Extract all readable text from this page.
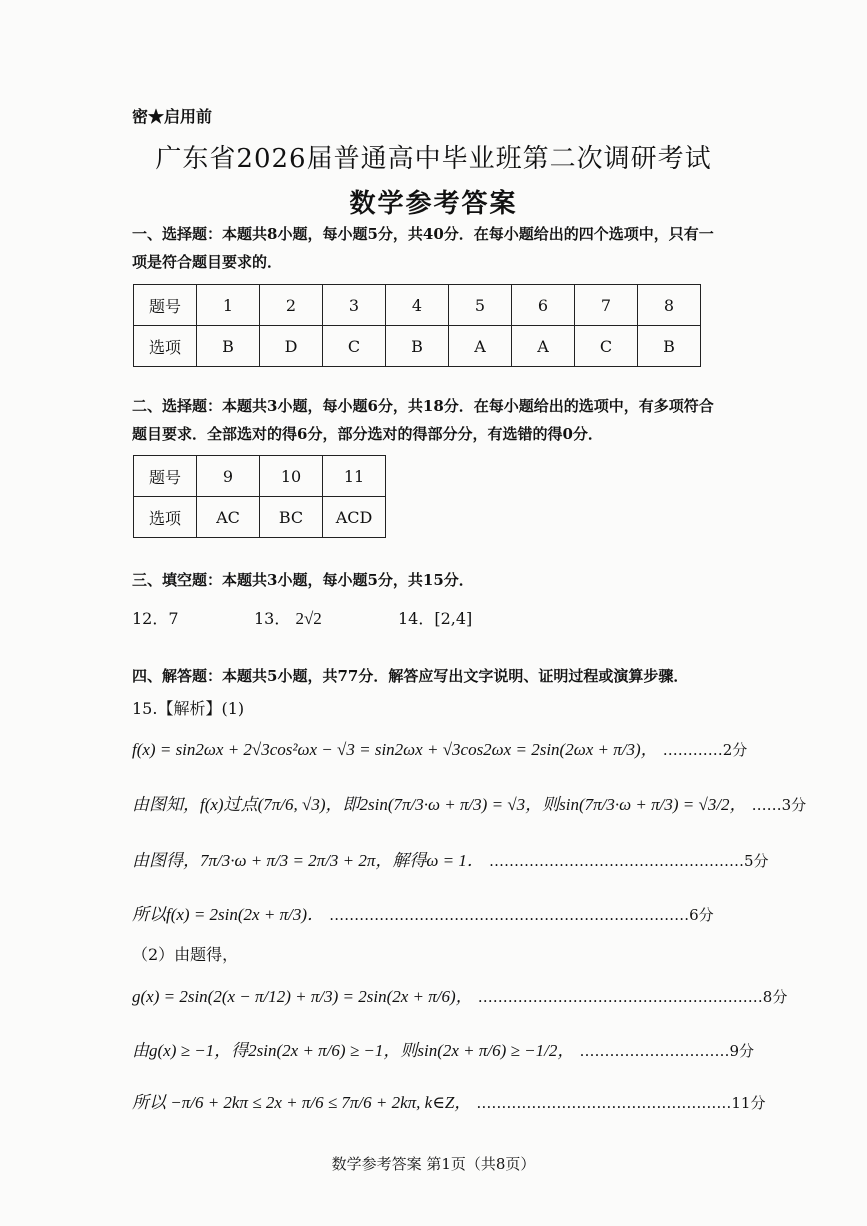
密★启用前
广东省2026届普通高中毕业班第二次调研考试
数学参考答案
一、选择题：本题共8小题，每小题5分，共40分．在每小题给出的四个选项中，只有一
项是符合题目要求的．
题号	1	2	3	4	5	6	7	8
选项	B	D	C	B	A	A	C	B
二、选择题：本题共3小题，每小题6分，共18分．在每小题给出的选项中，有多项符合
题目要求．全部选对的得6分，部分选对的得部分分，有选错的得0分．
题号	9	10	11
选项	AC	BC	ACD
三、填空题：本题共3小题，每小题5分，共15分．
12．7	13． 2√2	14．[2,4]
四、解答题：本题共5小题，共77分．解答应写出文字说明、证明过程或演算步骤．
15.【解析】(1)
f(x) = sin2ωx + 2√3cos²ωx − √3 = sin2ωx + √3cos2ωx = 2sin(2ωx + π/3)， …………2分
由图知，f(x)过点(7π/6, √3)，即2sin(7π/3·ω + π/3) = √3，则sin(7π/3·ω + π/3) = √3/2， ……3分
由图得，7π/3·ω + π/3 = 2π/3 + 2π，解得ω = 1． ……………………………………………5分
所以f(x) = 2sin(2x + π/3)． ………………………………………………………………6分
（2）由题得，
g(x) = 2sin(2(x − π/12) + π/3) = 2sin(2x + π/6)， …………………………………………………8分
由g(x) ≥ −1，得2sin(2x + π/6) ≥ −1，则sin(2x + π/6) ≥ −1/2， …………………………9分
所以 −π/6 + 2kπ ≤ 2x + π/6 ≤ 7π/6 + 2kπ, k∈Z， ……………………………………………11分
数学参考答案 第1页（共8页）
